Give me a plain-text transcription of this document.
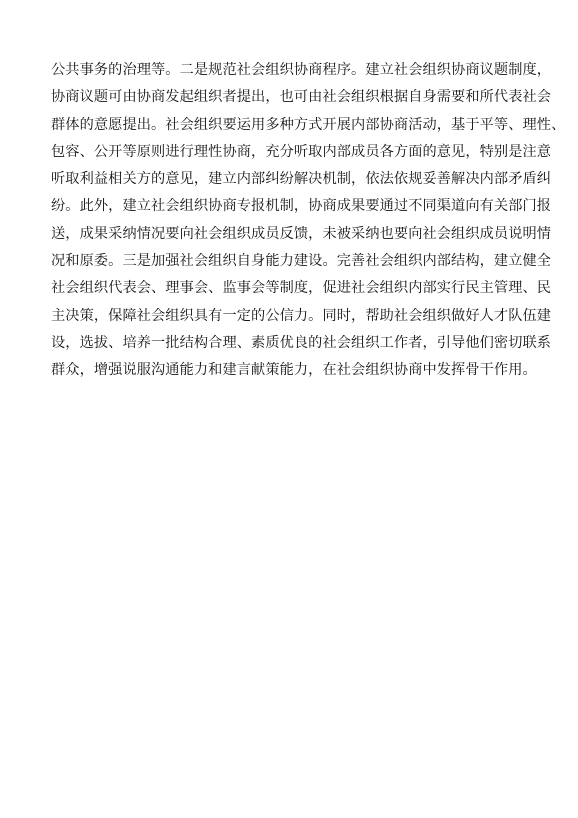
公共事务的治理等。二是规范社会组织协商程序。建立社会组织协商议题制度，
协商议题可由协商发起组织者提出，也可由社会组织根据自身需要和所代表社会
群体的意愿提出。社会组织要运用多种方式开展内部协商活动，基于平等、理性、
包容、公开等原则进行理性协商，充分听取内部成员各方面的意见，特别是注意
听取利益相关方的意见，建立内部纠纷解决机制，依法依规妥善解决内部矛盾纠
纷。此外，建立社会组织协商专报机制，协商成果要通过不同渠道向有关部门报
送，成果采纳情况要向社会组织成员反馈，未被采纳也要向社会组织成员说明情
况和原委。三是加强社会组织自身能力建设。完善社会组织内部结构，建立健全
社会组织代表会、理事会、监事会等制度，促进社会组织内部实行民主管理、民
主决策，保障社会组织具有一定的公信力。同时，帮助社会组织做好人才队伍建
设，选拔、培养一批结构合理、素质优良的社会组织工作者，引导他们密切联系
群众，增强说服沟通能力和建言献策能力，在社会组织协商中发挥骨干作用。
